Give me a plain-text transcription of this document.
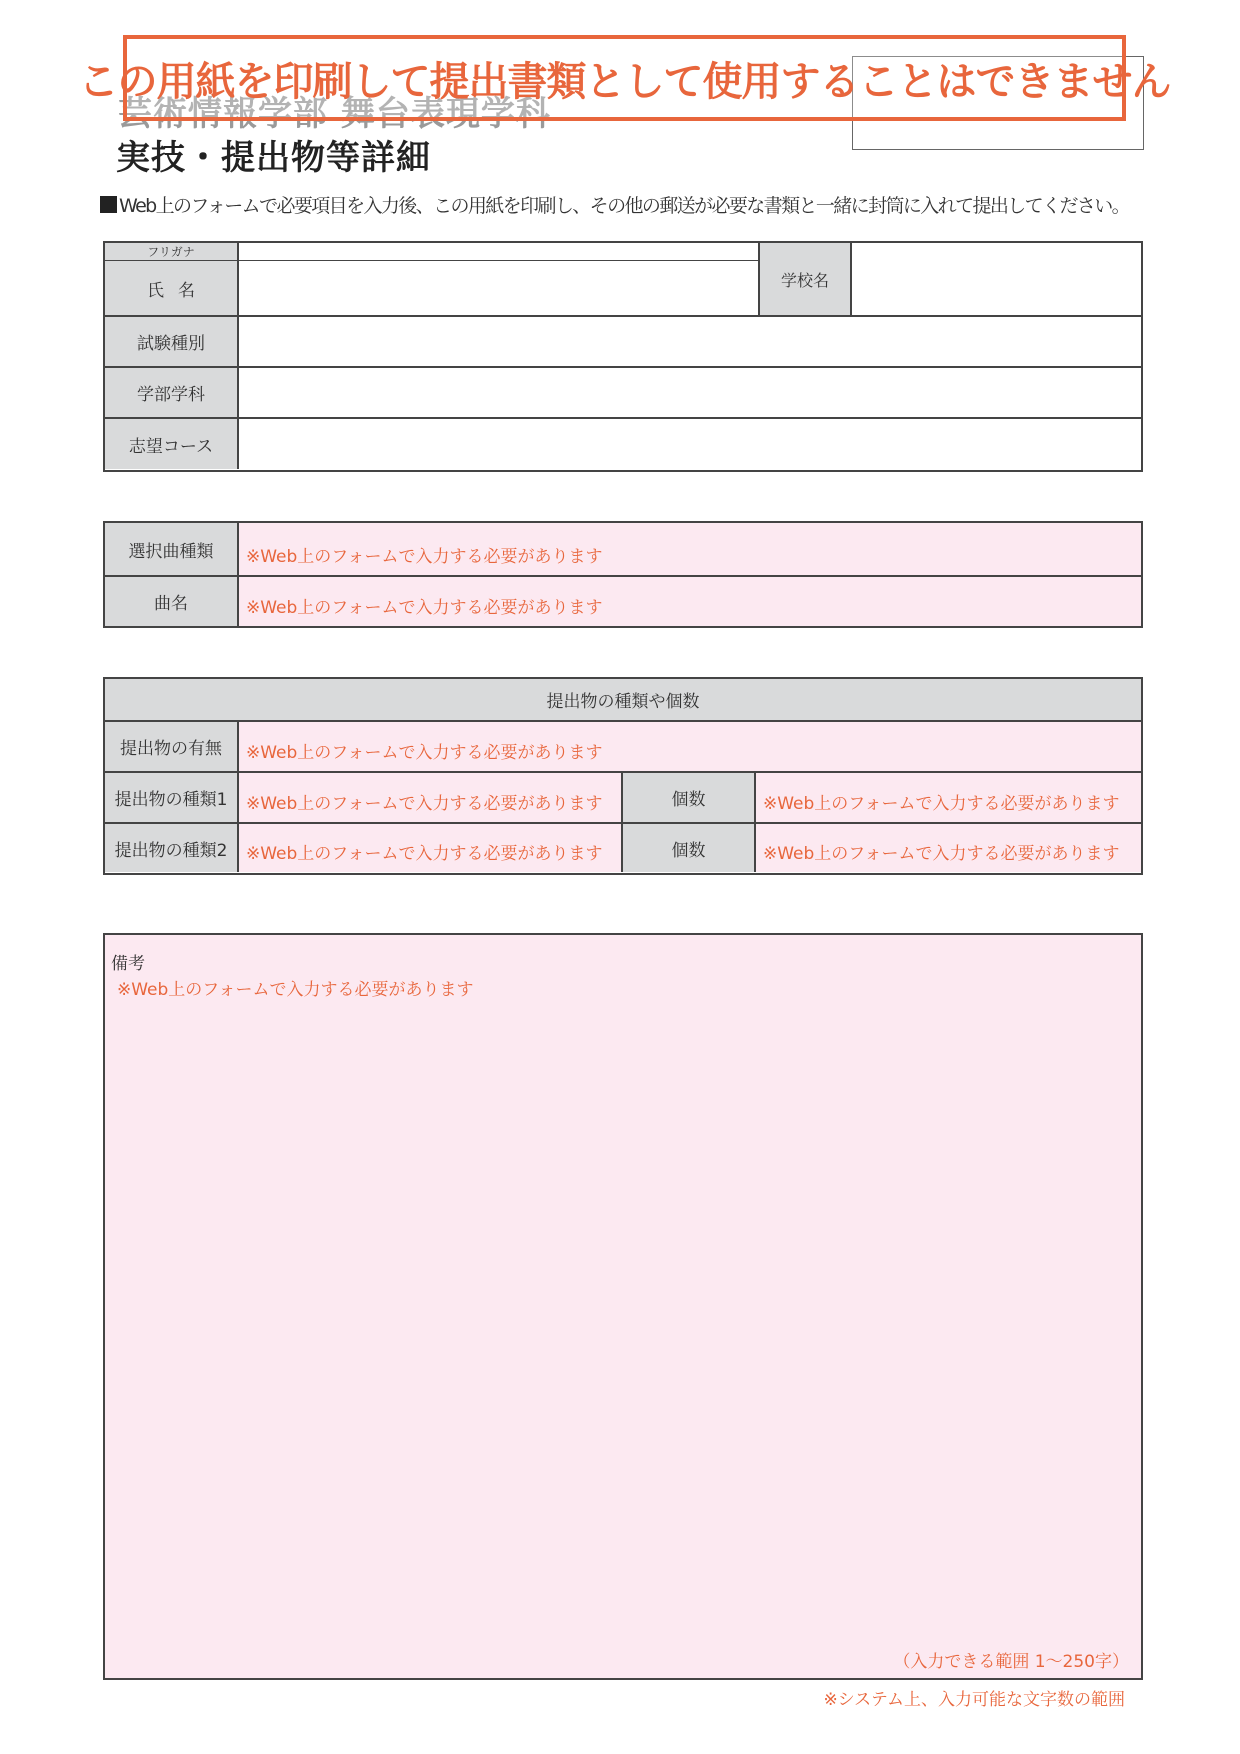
芸術情報学部 舞台表現学科
実技・提出物等詳細
この用紙を印刷して提出書類として使用することはできません
Web上のフォームで必要項目を入力後、この用紙を印刷し、その他の郵送が必要な書類と一緒に封筒に入れて提出してください。
フリガナ
氏名
学校名
試験種別
学部学科
志望コース
選択曲種類	※Web上のフォームで入力する必要があります
曲名	※Web上のフォームで入力する必要があります
提出物の種類や個数
提出物の有無	※Web上のフォームで入力する必要があります
提出物の種類1	※Web上のフォームで入力する必要があります	個数	※Web上のフォームで入力する必要があります
提出物の種類2	※Web上のフォームで入力する必要があります	個数	※Web上のフォームで入力する必要があります
備考
※Web上のフォームで入力する必要があります
（入力できる範囲 1〜250字）
※システム上、入力可能な文字数の範囲
